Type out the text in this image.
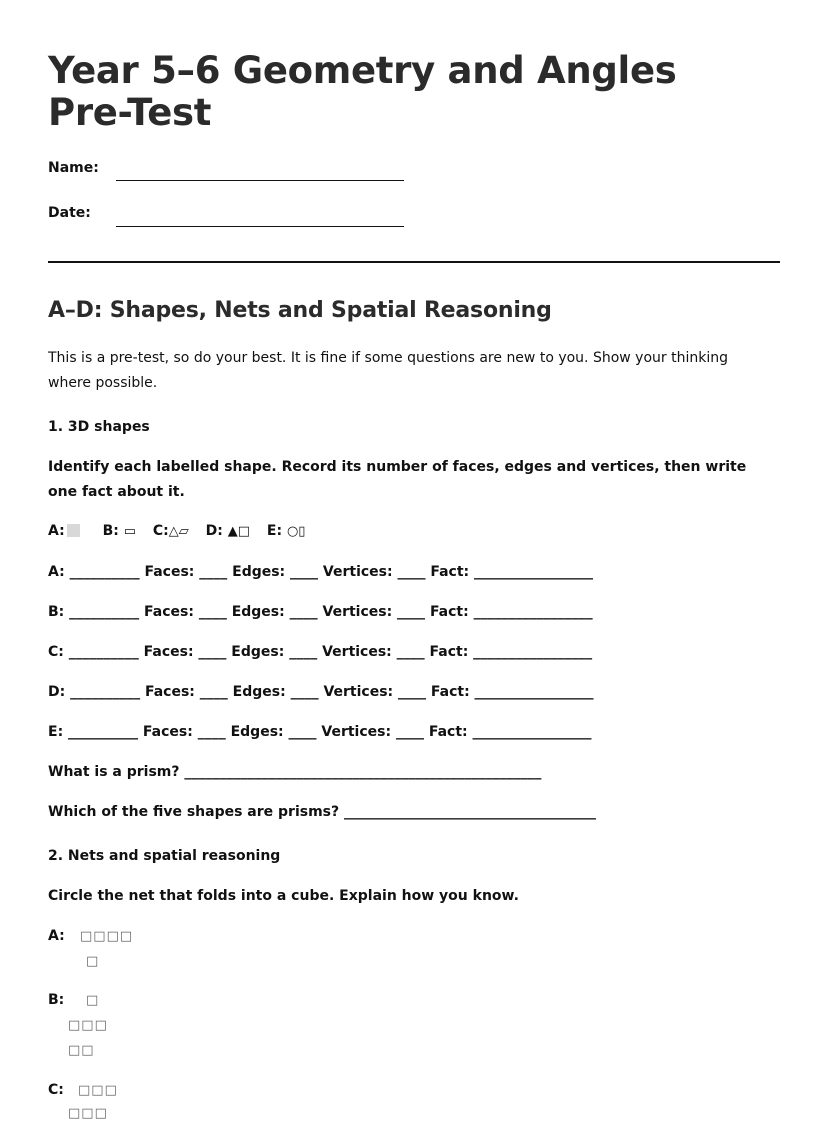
Year 5–6 Geometry and Angles Pre-Test
Name:
Date:
A–D: Shapes, Nets and Spatial Reasoning
This is a pre-test, so do your best. It is fine if some questions are new to you. Show your thinking where possible.
1. 3D shapes
Identify each labelled shape. Record its number of faces, edges and vertices, then write one fact about it.
A:	B: ▭ C:△▱ D: ▲□ E: ○▯
A: __________ Faces: ____ Edges: ____ Vertices: ____ Fact: _________________
B: __________ Faces: ____ Edges: ____ Vertices: ____ Fact: _________________
C: __________ Faces: ____ Edges: ____ Vertices: ____ Fact: _________________
D: __________ Faces: ____ Edges: ____ Vertices: ____ Fact: _________________
E: __________ Faces: ____ Edges: ____ Vertices: ____ Fact: _________________
What is a prism? ___________________________________________________
Which of the five shapes are prisms? ____________________________________
2. Nets and spatial reasoning
Circle the net that folds into a cube. Explain how you know.
A: □□□□
□
B: □
□□□
□□
C: □□□
□□□
